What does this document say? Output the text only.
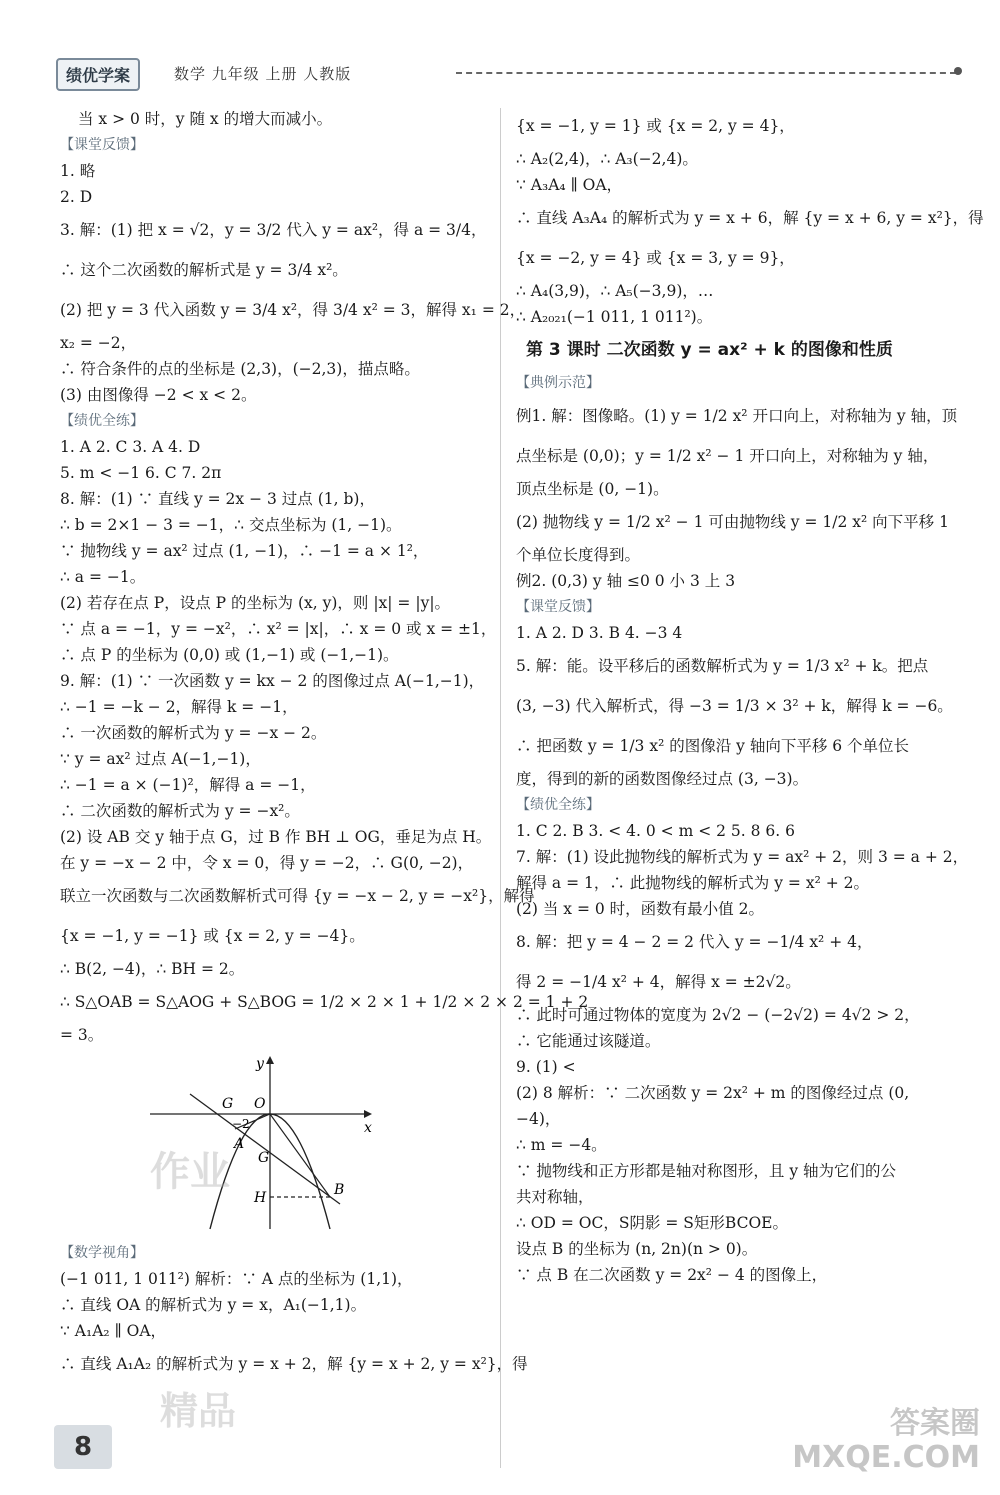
绩优学案	数学 九年级 上册 人教版
当 x > 0 时，y 随 x 的增大而减小。
【课堂反馈】
1. 略
2. D
3. 解：(1) 把 x = √2，y = 3/2 代入 y = ax²，得 a = 3/4，
∴ 这个二次函数的解析式是 y = 3/4 x²。
(2) 把 y = 3 代入函数 y = 3/4 x²，得 3/4 x² = 3，解得 x₁ = 2，
x₂ = −2，
∴ 符合条件的点的坐标是 (2,3)，(−2,3)，描点略。
(3) 由图像得 −2 < x < 2。
【绩优全练】
1. A 2. C 3. A 4. D
5. m < −1 6. C 7. 2π
8. 解：(1) ∵ 直线 y = 2x − 3 过点 (1, b)，
∴ b = 2×1 − 3 = −1，∴ 交点坐标为 (1, −1)。
∵ 抛物线 y = ax² 过点 (1, −1)，∴ −1 = a × 1²，
∴ a = −1。
(2) 若存在点 P，设点 P 的坐标为 (x, y)，则 |x| = |y|。
∵ 点 a = −1，y = −x²，∴ x² = |x|，∴ x = 0 或 x = ±1，
∴ 点 P 的坐标为 (0,0) 或 (1,−1) 或 (−1,−1)。
9. 解：(1) ∵ 一次函数 y = kx − 2 的图像过点 A(−1,−1)，
∴ −1 = −k − 2，解得 k = −1，
∴ 一次函数的解析式为 y = −x − 2。
∵ y = ax² 过点 A(−1,−1)，
∴ −1 = a × (−1)²，解得 a = −1，
∴ 二次函数的解析式为 y = −x²。
(2) 设 AB 交 y 轴于点 G，过 B 作 BH ⊥ OG，垂足为点 H。
在 y = −x − 2 中，令 x = 0，得 y = −2，∴ G(0, −2)，
联立一次函数与二次函数解析式可得 {y = −x − 2, y = −x²}，解得
{x = −1, y = −1} 或 {x = 2, y = −4}。
∴ B(2, −4)，∴ BH = 2。
∴ S△OAB = S△AOG + S△BOG = 1/2 × 2 × 1 + 1/2 × 2 × 2 = 1 + 2
= 3。
y
x
O
G
G
A
B
H
−2
【数学视角】
(−1 011, 1 011²) 解析：∵ A 点的坐标为 (1,1)，
∴ 直线 OA 的解析式为 y = x，A₁(−1,1)。
∵ A₁A₂ ∥ OA，
∴ 直线 A₁A₂ 的解析式为 y = x + 2，解 {y = x + 2, y = x²}，得
{x = −1, y = 1} 或 {x = 2, y = 4}，
∴ A₂(2,4)，∴ A₃(−2,4)。
∵ A₃A₄ ∥ OA，
∴ 直线 A₃A₄ 的解析式为 y = x + 6，解 {y = x + 6, y = x²}，得
{x = −2, y = 4} 或 {x = 3, y = 9}，
∴ A₄(3,9)，∴ A₅(−3,9)，…
∴ A₂₀₂₁(−1 011, 1 011²)。
第 3 课时 二次函数 y = ax² + k 的图像和性质
【典例示范】
例1. 解：图像略。(1) y = 1/2 x² 开口向上，对称轴为 y 轴，顶
点坐标是 (0,0)；y = 1/2 x² − 1 开口向上，对称轴为 y 轴，
顶点坐标是 (0, −1)。
(2) 抛物线 y = 1/2 x² − 1 可由抛物线 y = 1/2 x² 向下平移 1
个单位长度得到。
例2. (0,3) y 轴 ≤0 0 小 3 上 3
【课堂反馈】
1. A 2. D 3. B 4. −3 4
5. 解：能。设平移后的函数解析式为 y = 1/3 x² + k。把点
(3, −3) 代入解析式，得 −3 = 1/3 × 3² + k，解得 k = −6。
∴ 把函数 y = 1/3 x² 的图像沿 y 轴向下平移 6 个单位长
度，得到的新的函数图像经过点 (3, −3)。
【绩优全练】
1. C 2. B 3. < 4. 0 < m < 2 5. 8 6. 6
7. 解：(1) 设此抛物线的解析式为 y = ax² + 2，则 3 = a + 2，
解得 a = 1，∴ 此抛物线的解析式为 y = x² + 2。
(2) 当 x = 0 时，函数有最小值 2。
8. 解：把 y = 4 − 2 = 2 代入 y = −1/4 x² + 4，
得 2 = −1/4 x² + 4，解得 x = ±2√2。
∴ 此时可通过物体的宽度为 2√2 − (−2√2) = 4√2 > 2，
∴ 它能通过该隧道。
9. (1) <
(2) 8 解析：∵ 二次函数 y = 2x² + m 的图像经过点 (0,
−4)，
∴ m = −4。
∵ 抛物线和正方形都是轴对称图形，且 y 轴为它们的公
共对称轴，
∴ OD = OC，S阴影 = S矩形BCOE。
设点 B 的坐标为 (n, 2n)(n > 0)。
∵ 点 B 在二次函数 y = 2x² − 4 的图像上，
作业
精品	答案圈
MXQE.COM
8
